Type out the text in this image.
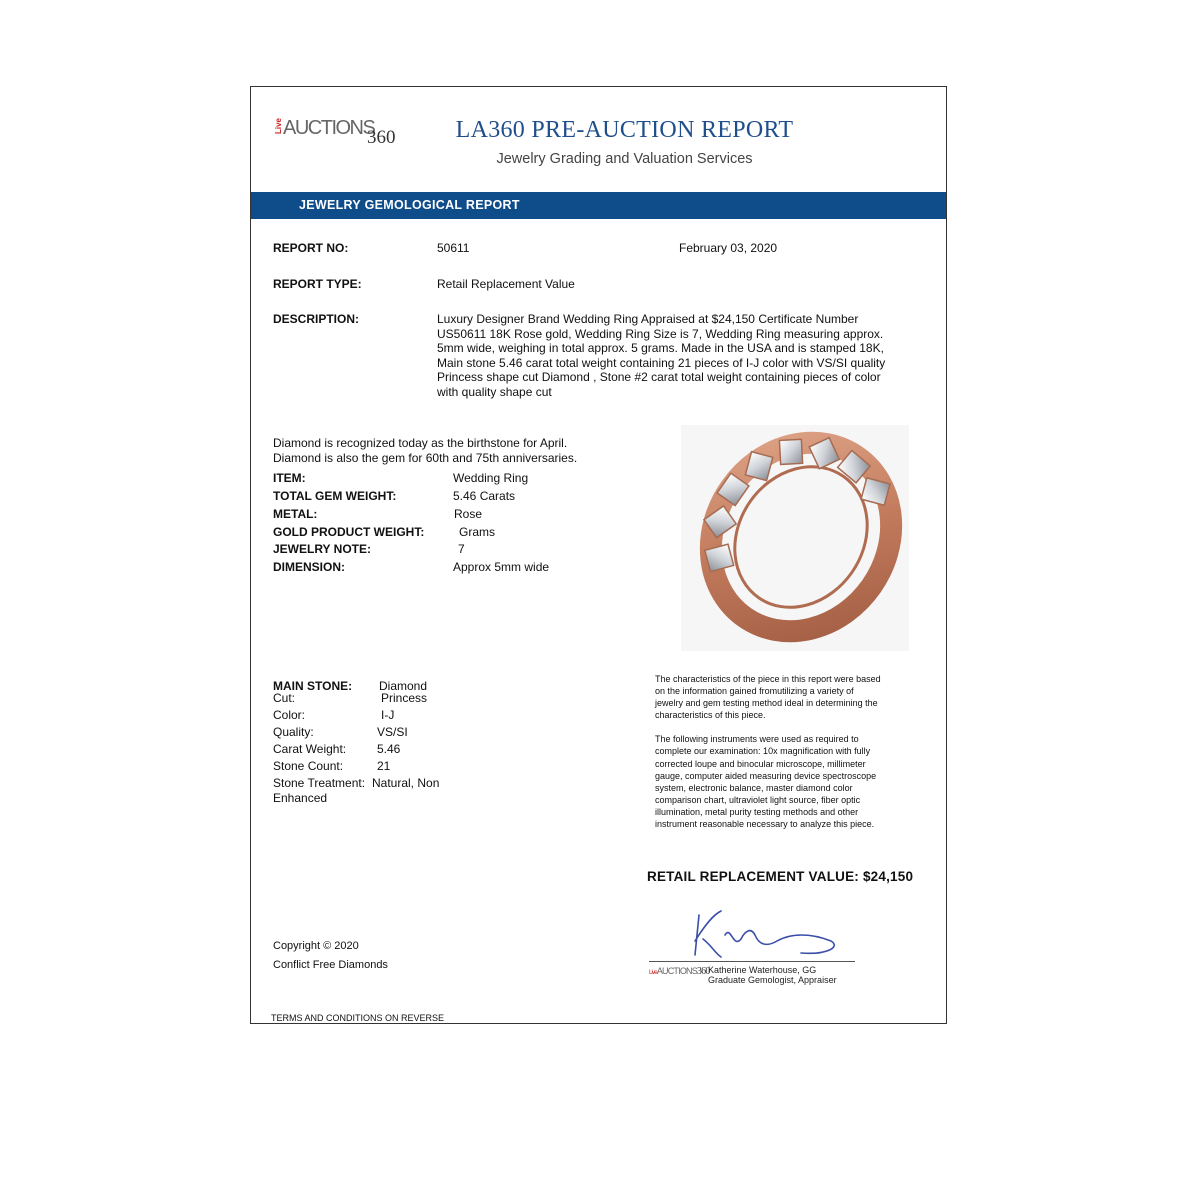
Live AUCTIONS
360	LA360 PRE-AUCTION REPORT
Jewelry Grading and Valuation Services
JEWELRY GEMOLOGICAL REPORT
REPORT NO:	50611	February 03, 2020
REPORT TYPE:	Retail Replacement Value
DESCRIPTION:	Luxury Designer Brand Wedding Ring Appraised at $24,150 Certificate Number
US50611 18K Rose gold, Wedding Ring Size is 7, Wedding Ring measuring approx.
5mm wide, weighing in total approx. 5 grams. Made in the USA and is stamped 18K,
Main stone 5.46 carat total weight containing 21 pieces of I-J color with VS/SI quality
Princess shape cut Diamond , Stone #2 carat total weight containing pieces of color
with quality shape cut
Diamond is recognized today as the birthstone for April.
Diamond is also the gem for 60th and 75th anniversaries.
ITEM:	Wedding Ring
TOTAL GEM WEIGHT:	5.46 Carats
METAL:	Rose
GOLD PRODUCT WEIGHT:	Grams
JEWELRY NOTE:	7
DIMENSION:	Approx 5mm wide
MAIN STONE: Diamond
Cut:	Princess
Color:	I-J
Quality:	VS/SI
Carat Weight:	5.46
Stone Count:	21
Stone Treatment: Natural, Non
Enhanced
The characteristics of the piece in this report were based
on the information gained fromutilizing a variety of
jewelry and gem testing method ideal in determining the
characteristics of this piece.
The following instruments were used as required to
complete our examination: 10x magnification with fully
corrected loupe and binocular microscope, millimeter
gauge, computer aided measuring device spectroscope
system, electronic balance, master diamond color
comparison chart, ultraviolet light source, fiber optic
illumination, metal purity testing methods and other
instrument reasonable necessary to analyze this piece.
RETAIL REPLACEMENT VALUE: $24,150
LiveAUCTIONS360
Katherine Waterhouse, GG
Graduate Gemologist, Appraiser
Copyright © 2020
Conflict Free Diamonds
TERMS AND CONDITIONS ON REVERSE
